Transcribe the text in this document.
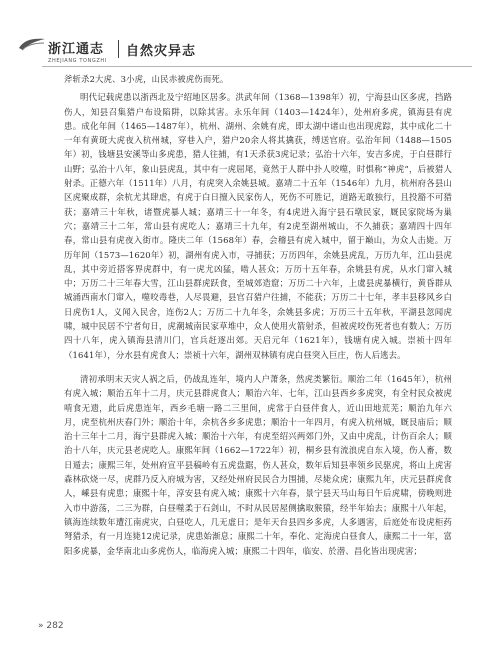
浙江通志
ZHEJIANG TONGZHI
自然灾异志

斧斩杀2大虎、3小虎，山民赤被虎伤而死。

明代记载虎患以浙西北及宁绍地区居多。洪武年间（1368—1398年）初，宁海县山区多虎，挡路伤人，知县召集猎户布设陷阱，以除其害。永乐年间（1403—1424年），处州府多虎，镇海县有虎患。成化年间（1465—1487年），杭州、湖州、余姚有虎，即太湖中诸山也出现虎踪，其中成化二十一年有黄斑大虎夜入杭州城，穿巷入户，猎户20余人将其擒获，缚送官府。弘治年间（1488—1505年）初，钱塘县安溪等山多虎患，猎人往捕，有1天杀获3虎记录；弘治十六年，安吉多虎，于白昼群行山野；弘治十八年，象山县虎乱，其中有一虎屈尾，竟然于人群中扑人咬噬，时惧称“神虎”，后被猎人射杀。正德六年（1511年）八月，有虎突入余姚县城。嘉靖二十五年（1546年）九月，杭州府各县山区虎聚成群，余杭尤其肆虐，有虎于白日擅入民家伤人，死伤不可胜记，道路无敢独行，且投豁不可猎获；嘉靖三十年秋，诸暨虎暴人城；嘉靖三十一年冬，有4虎进入海宁县石墩民家，厩民家院场为巢穴；嘉靖三十二年，常山县有虎吃人；嘉靖三十九年，有2虎至湖州城山，不久捕获；嘉靖四十四年春，常山县有虎夜入街市。隆庆二年（1568年）春，会稽县有虎入城中，留于巅山，为众人击毙。万历年间（1573—1620年）初，湖州有虎入市，寻捕获；万历四年，余姚县虎乱，万历九年，江山县虎乱，其中旁近搭客界虎群中，有一虎尤凶猛，啮人甚众；万历十五年春，余姚县有虎，从水门窜入城中；万历二十三年春大雪，江山县群虎跃食，至城郊造窟；万历二十六年，上虞县虎暴横行，黄昏群从城涌西南水门窜入，噬咬毒巷，人尽畏避，县官召猎户往捕，不能获；万历二十七年，孝丰县移风乡白日虎伤1人，义闻入民舍，连伤2人；万历二十九年冬，余姚县多虎；万历三十五年秋，平湖县忽闻虎啸，城中民居不宁者旬日，虎潮城南民家草堆中，众人使用火箭射杀，但被虎咬伤死者也有数人；万历四十八年，虎入镇海县清川门，官兵赶逐出郊。天启元年（1621年），钱塘有虎入城。崇祯十四年（1641年），分水县有虎食人；崇祯十六年，湖州双林镇有虎白昼突入巨庄，伤人后逃去。

清初承明末天灾人祸之后，仍战乱连年，境内人户萧条，然虎类繁衍。顺治二年（1645年），杭州有虎入城；顺治五年十二月，庆元县群虎食人；顺治六年、七年，江山县西乡多虎突，有全村民众被虎啃食无遗，此后虎患连年，西乡毛塘一路二三里间，虎常于白昼伴食人，近山田地荒芜；顺治九年六月，虎至杭州庆春门外；顺治十年，余杭各乡多虎患；顺治十一年四月，有虎入杭州城，厩艮庙后；顺治十三年十二月，海宁县群虎入城；顺治十六年，有虎至绍兴两郊门外，又由中虎乱，计伤百余人；顺治十八年，庆元县老虎吃人。康熙年间（1662—1722年）初，桐乡县有流浪虎自东入境，伤人畜，数日遁去；康熙三年，处州府宣平县稿岭有五虎盘踞，伤人甚众，数年后知县率领乡民驱虎，将山上虎害森林砍烧一尽，虎群乃反入府城为害，又经处州府民民合力围捕，尽毙众虎；康熙九年，庆元县群虎食人，嵊县有虎患；康熙十年，淳安县有虎入城；康熙十六年春，景宁县天马山每日午后虎啸，傍晚则进入市中游荡，二三为群，白昼噬柔于石剑山，不时从民居屋侧擒取猴猿，经半年始去；康熙十八年起，镇海连续数年遭江南虎灾，白昼吃人，几无虚日；是年天台县四乡多虎，人多遇害，后庭处布设虎柜药弩猎杀，有一月连毙12虎记录，虎患始渐息；康熙二十年，奉化、定海虎白昼食人，康熙二十一年，富阳多虎暴，金华南北山多虎伤人，临海虎入城；康熙二十四年，临安、於潜、昌化皆出现虎害；

» 282
